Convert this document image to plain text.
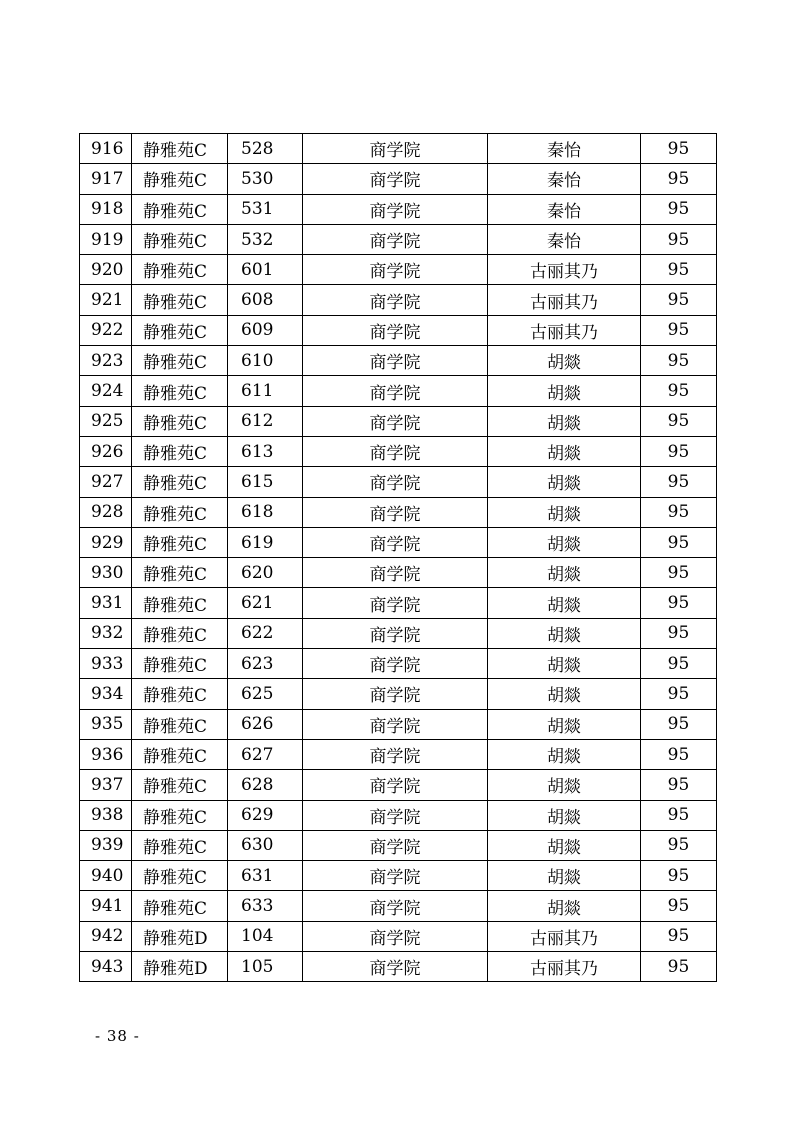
916	静雅苑C	528	商学院	秦怡	95
917	静雅苑C	530	商学院	秦怡	95
918	静雅苑C	531	商学院	秦怡	95
919	静雅苑C	532	商学院	秦怡	95
920	静雅苑C	601	商学院	古丽其乃	95
921	静雅苑C	608	商学院	古丽其乃	95
922	静雅苑C	609	商学院	古丽其乃	95
923	静雅苑C	610	商学院	胡燚	95
924	静雅苑C	611	商学院	胡燚	95
925	静雅苑C	612	商学院	胡燚	95
926	静雅苑C	613	商学院	胡燚	95
927	静雅苑C	615	商学院	胡燚	95
928	静雅苑C	618	商学院	胡燚	95
929	静雅苑C	619	商学院	胡燚	95
930	静雅苑C	620	商学院	胡燚	95
931	静雅苑C	621	商学院	胡燚	95
932	静雅苑C	622	商学院	胡燚	95
933	静雅苑C	623	商学院	胡燚	95
934	静雅苑C	625	商学院	胡燚	95
935	静雅苑C	626	商学院	胡燚	95
936	静雅苑C	627	商学院	胡燚	95
937	静雅苑C	628	商学院	胡燚	95
938	静雅苑C	629	商学院	胡燚	95
939	静雅苑C	630	商学院	胡燚	95
940	静雅苑C	631	商学院	胡燚	95
941	静雅苑C	633	商学院	胡燚	95
942	静雅苑D	104	商学院	古丽其乃	95
943	静雅苑D	105	商学院	古丽其乃	95
- 38 -
